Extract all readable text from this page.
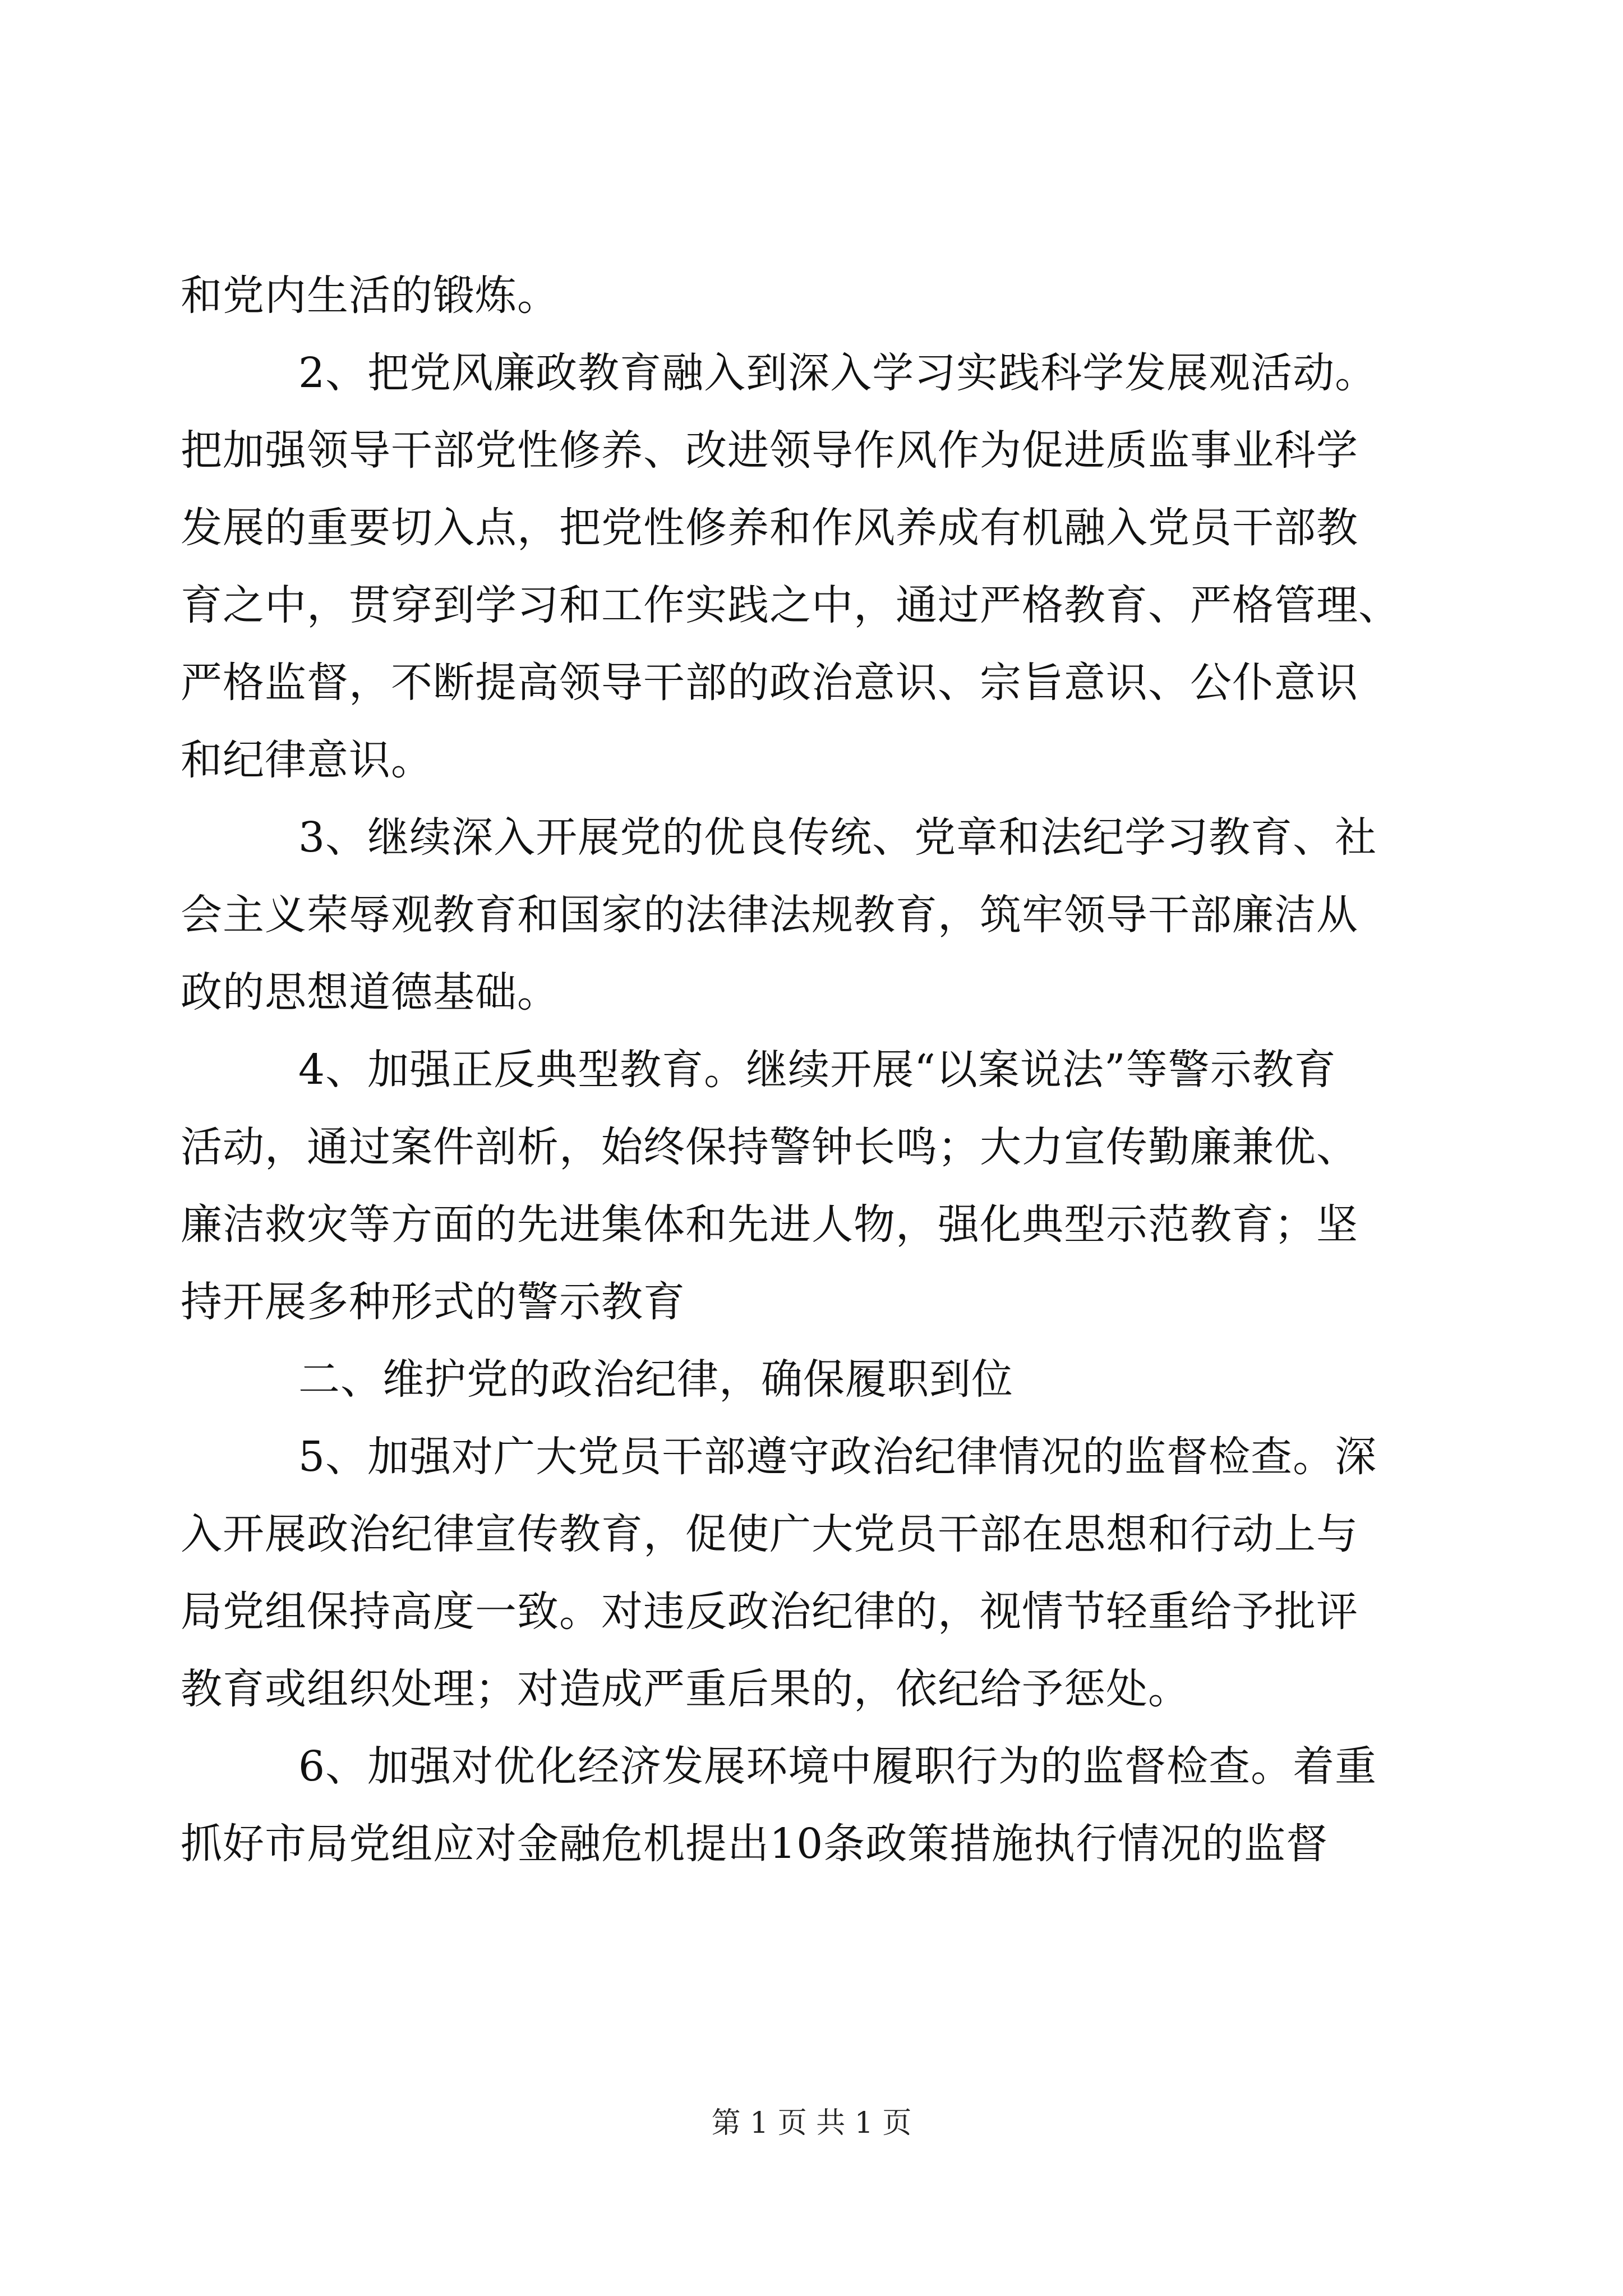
和党内生活的锻炼。
2、把党风廉政教育融入到深入学习实践科学发展观活动。
把加强领导干部党性修养、改进领导作风作为促进质监事业科学
发展的重要切入点，把党性修养和作风养成有机融入党员干部教
育之中，贯穿到学习和工作实践之中，通过严格教育、严格管理、
严格监督，不断提高领导干部的政治意识、宗旨意识、公仆意识
和纪律意识。
3、继续深入开展党的优良传统、党章和法纪学习教育、社
会主义荣辱观教育和国家的法律法规教育，筑牢领导干部廉洁从
政的思想道德基础。
4、加强正反典型教育。继续开展“以案说法”等警示教育
活动，通过案件剖析，始终保持警钟长鸣；大力宣传勤廉兼优、
廉洁救灾等方面的先进集体和先进人物，强化典型示范教育；坚
持开展多种形式的警示教育
二、维护党的政治纪律，确保履职到位
5、加强对广大党员干部遵守政治纪律情况的监督检查。深
入开展政治纪律宣传教育，促使广大党员干部在思想和行动上与
局党组保持高度一致。对违反政治纪律的，视情节轻重给予批评
教育或组织处理；对造成严重后果的，依纪给予惩处。
6、加强对优化经济发展环境中履职行为的监督检查。着重
抓好市局党组应对金融危机提出10条政策措施执行情况的监督
第 1 页 共 1 页
